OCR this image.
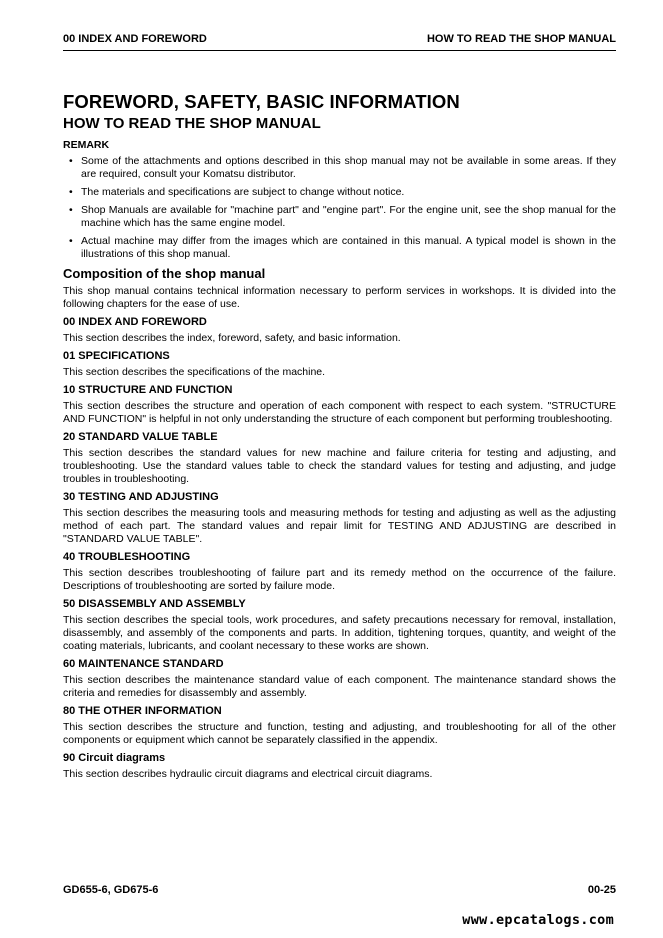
00 INDEX AND FOREWORD	HOW TO READ THE SHOP MANUAL
FOREWORD, SAFETY, BASIC INFORMATION
HOW TO READ THE SHOP MANUAL
REMARK
• Some of the attachments and options described in this shop manual may not be available in some areas. If they are required, consult your Komatsu distributor.
• The materials and specifications are subject to change without notice.
• Shop Manuals are available for "machine part" and "engine part". For the engine unit, see the shop manual for the machine which has the same engine model.
• Actual machine may differ from the images which are contained in this manual. A typical model is shown in the illustrations of this shop manual.
Composition of the shop manual

This shop manual contains technical information necessary to perform services in workshops. It is divided into the following chapters for the ease of use.

00 INDEX AND FOREWORD

This section describes the index, foreword, safety, and basic information.

01 SPECIFICATIONS

This section describes the specifications of the machine.

10 STRUCTURE AND FUNCTION

This section describes the structure and operation of each component with respect to each system. "STRUCTURE AND FUNCTION" is helpful in not only understanding the structure of each component but performing troubleshooting.

20 STANDARD VALUE TABLE

This section describes the standard values for new machine and failure criteria for testing and adjusting, and troubleshooting. Use the standard values table to check the standard values for testing and adjusting, and judge troubles in troubleshooting.

30 TESTING AND ADJUSTING

This section describes the measuring tools and measuring methods for testing and adjusting as well as the adjusting method of each part. The standard values and repair limit for TESTING AND ADJUSTING are described in "STANDARD VALUE TABLE".

40 TROUBLESHOOTING

This section describes troubleshooting of failure part and its remedy method on the occurrence of the failure. Descriptions of troubleshooting are sorted by failure mode.

50 DISASSEMBLY AND ASSEMBLY

This section describes the special tools, work procedures, and safety precautions necessary for removal, installation, disassembly, and assembly of the components and parts. In addition, tightening torques, quantity, and weight of the coating materials, lubricants, and coolant necessary to these works are shown.

60 MAINTENANCE STANDARD

This section describes the maintenance standard value of each component. The maintenance standard shows the criteria and remedies for disassembly and assembly.

80 THE OTHER INFORMATION

This section describes the structure and function, testing and adjusting, and troubleshooting for all of the other components or equipment which cannot be separately classified in the appendix.

90 Circuit diagrams

This section describes hydraulic circuit diagrams and electrical circuit diagrams.

GD655-6, GD675-6	00-25
www.epcatalogs.com
